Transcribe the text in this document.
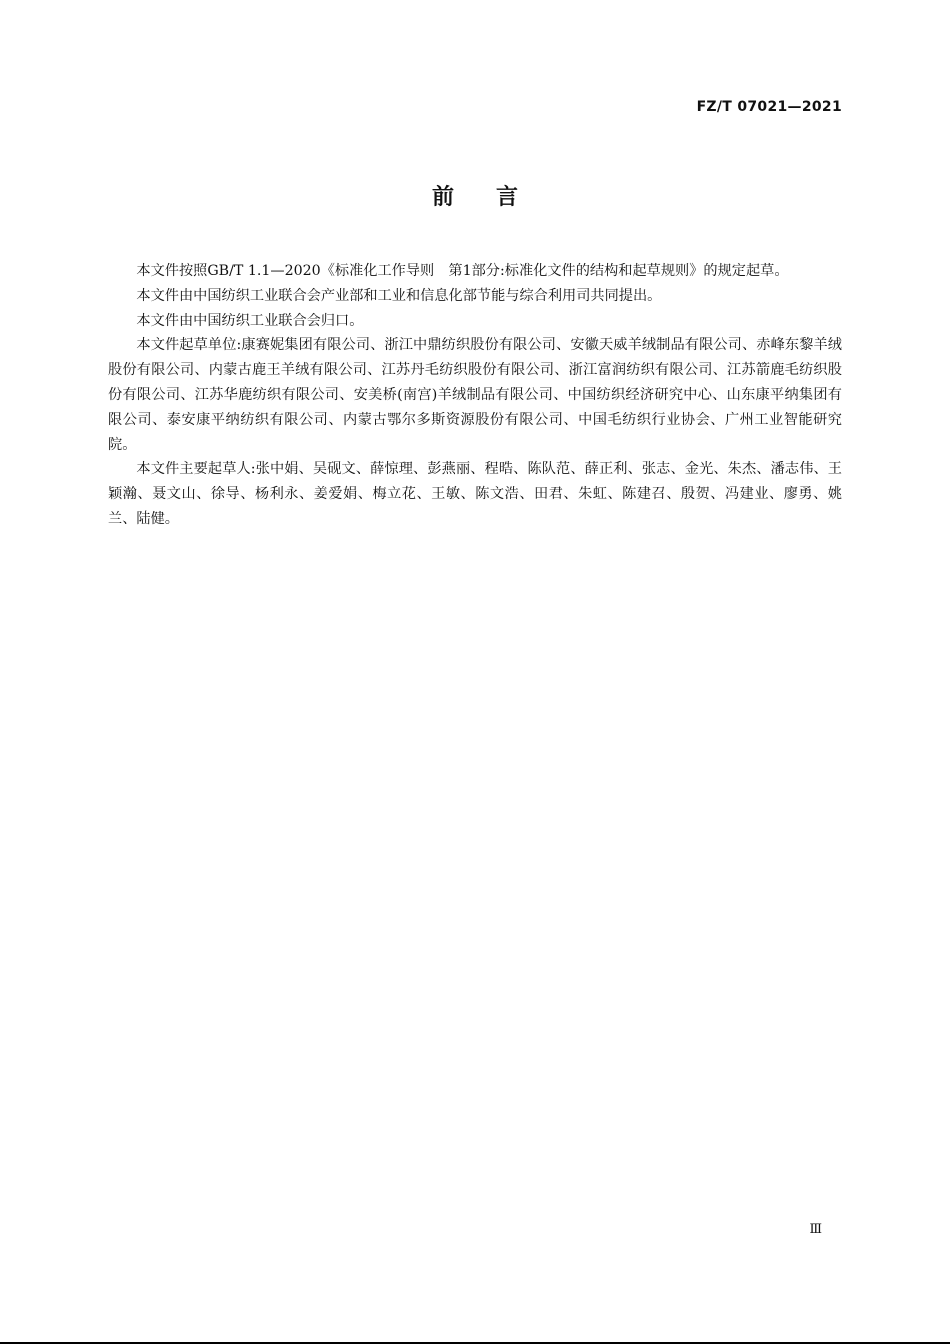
FZ/T 07021—2021
前言

本文件按照GB/T 1.1—2020《标准化工作导则　第1部分:标准化文件的结构和起草规则》的规定起草。

本文件由中国纺织工业联合会产业部和工业和信息化部节能与综合利用司共同提出。

本文件由中国纺织工业联合会归口。

本文件起草单位:康赛妮集团有限公司、浙江中鼎纺织股份有限公司、安徽天威羊绒制品有限公司、赤峰东黎羊绒股份有限公司、内蒙古鹿王羊绒有限公司、江苏丹毛纺织股份有限公司、浙江富润纺织有限公司、江苏箭鹿毛纺织股份有限公司、江苏华鹿纺织有限公司、安美桥(南宫)羊绒制品有限公司、中国纺织经济研究中心、山东康平纳集团有限公司、泰安康平纳纺织有限公司、内蒙古鄂尔多斯资源股份有限公司、中国毛纺织行业协会、广州工业智能研究院。

本文件主要起草人:张中娟、吴砚文、薛惊理、彭燕丽、程晧、陈队范、薛正利、张志、金光、朱杰、潘志伟、王颖瀚、聂文山、徐导、杨利永、姜爱娟、梅立花、王敏、陈文浩、田君、朱虹、陈建召、殷贺、冯建业、廖勇、姚兰、陆健。

Ⅲ
